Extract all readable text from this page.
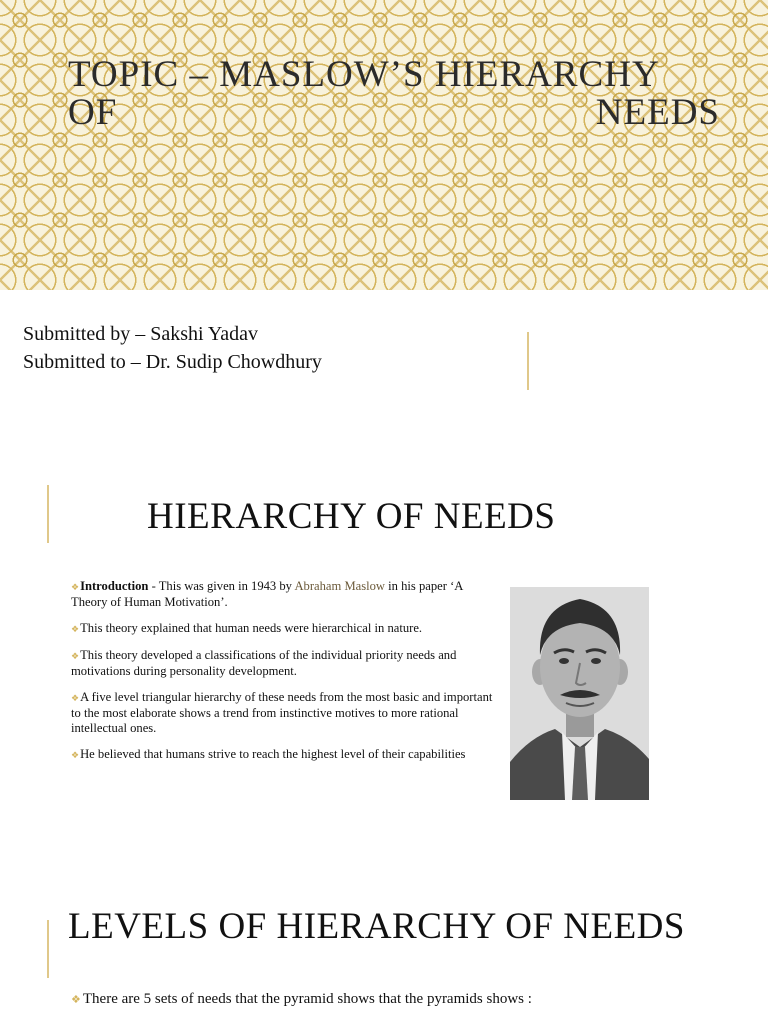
TOPIC – MASLOW’S HIERARCHY
OF	NEEDS
Submitted by – Sakshi Yadav
Submitted to – Dr. Sudip Chowdhury
HIERARCHY OF NEEDS
❖Introduction - This was given in 1943 by Abraham Maslow in his paper ‘A Theory of Human Motivation’.
❖This theory explained that human needs were hierarchical in nature.
❖This theory developed a classifications of the individual priority needs and motivations during personality development.
❖A five level triangular hierarchy of these needs from the most basic and important to the most elaborate shows a trend from instinctive motives to more rational intellectual ones.
❖He believed that humans strive to reach the highest level of their capabilities
LEVELS OF HIERARCHY OF NEEDS
❖ There are 5 sets of needs that the pyramid shows that the pyramids shows :
